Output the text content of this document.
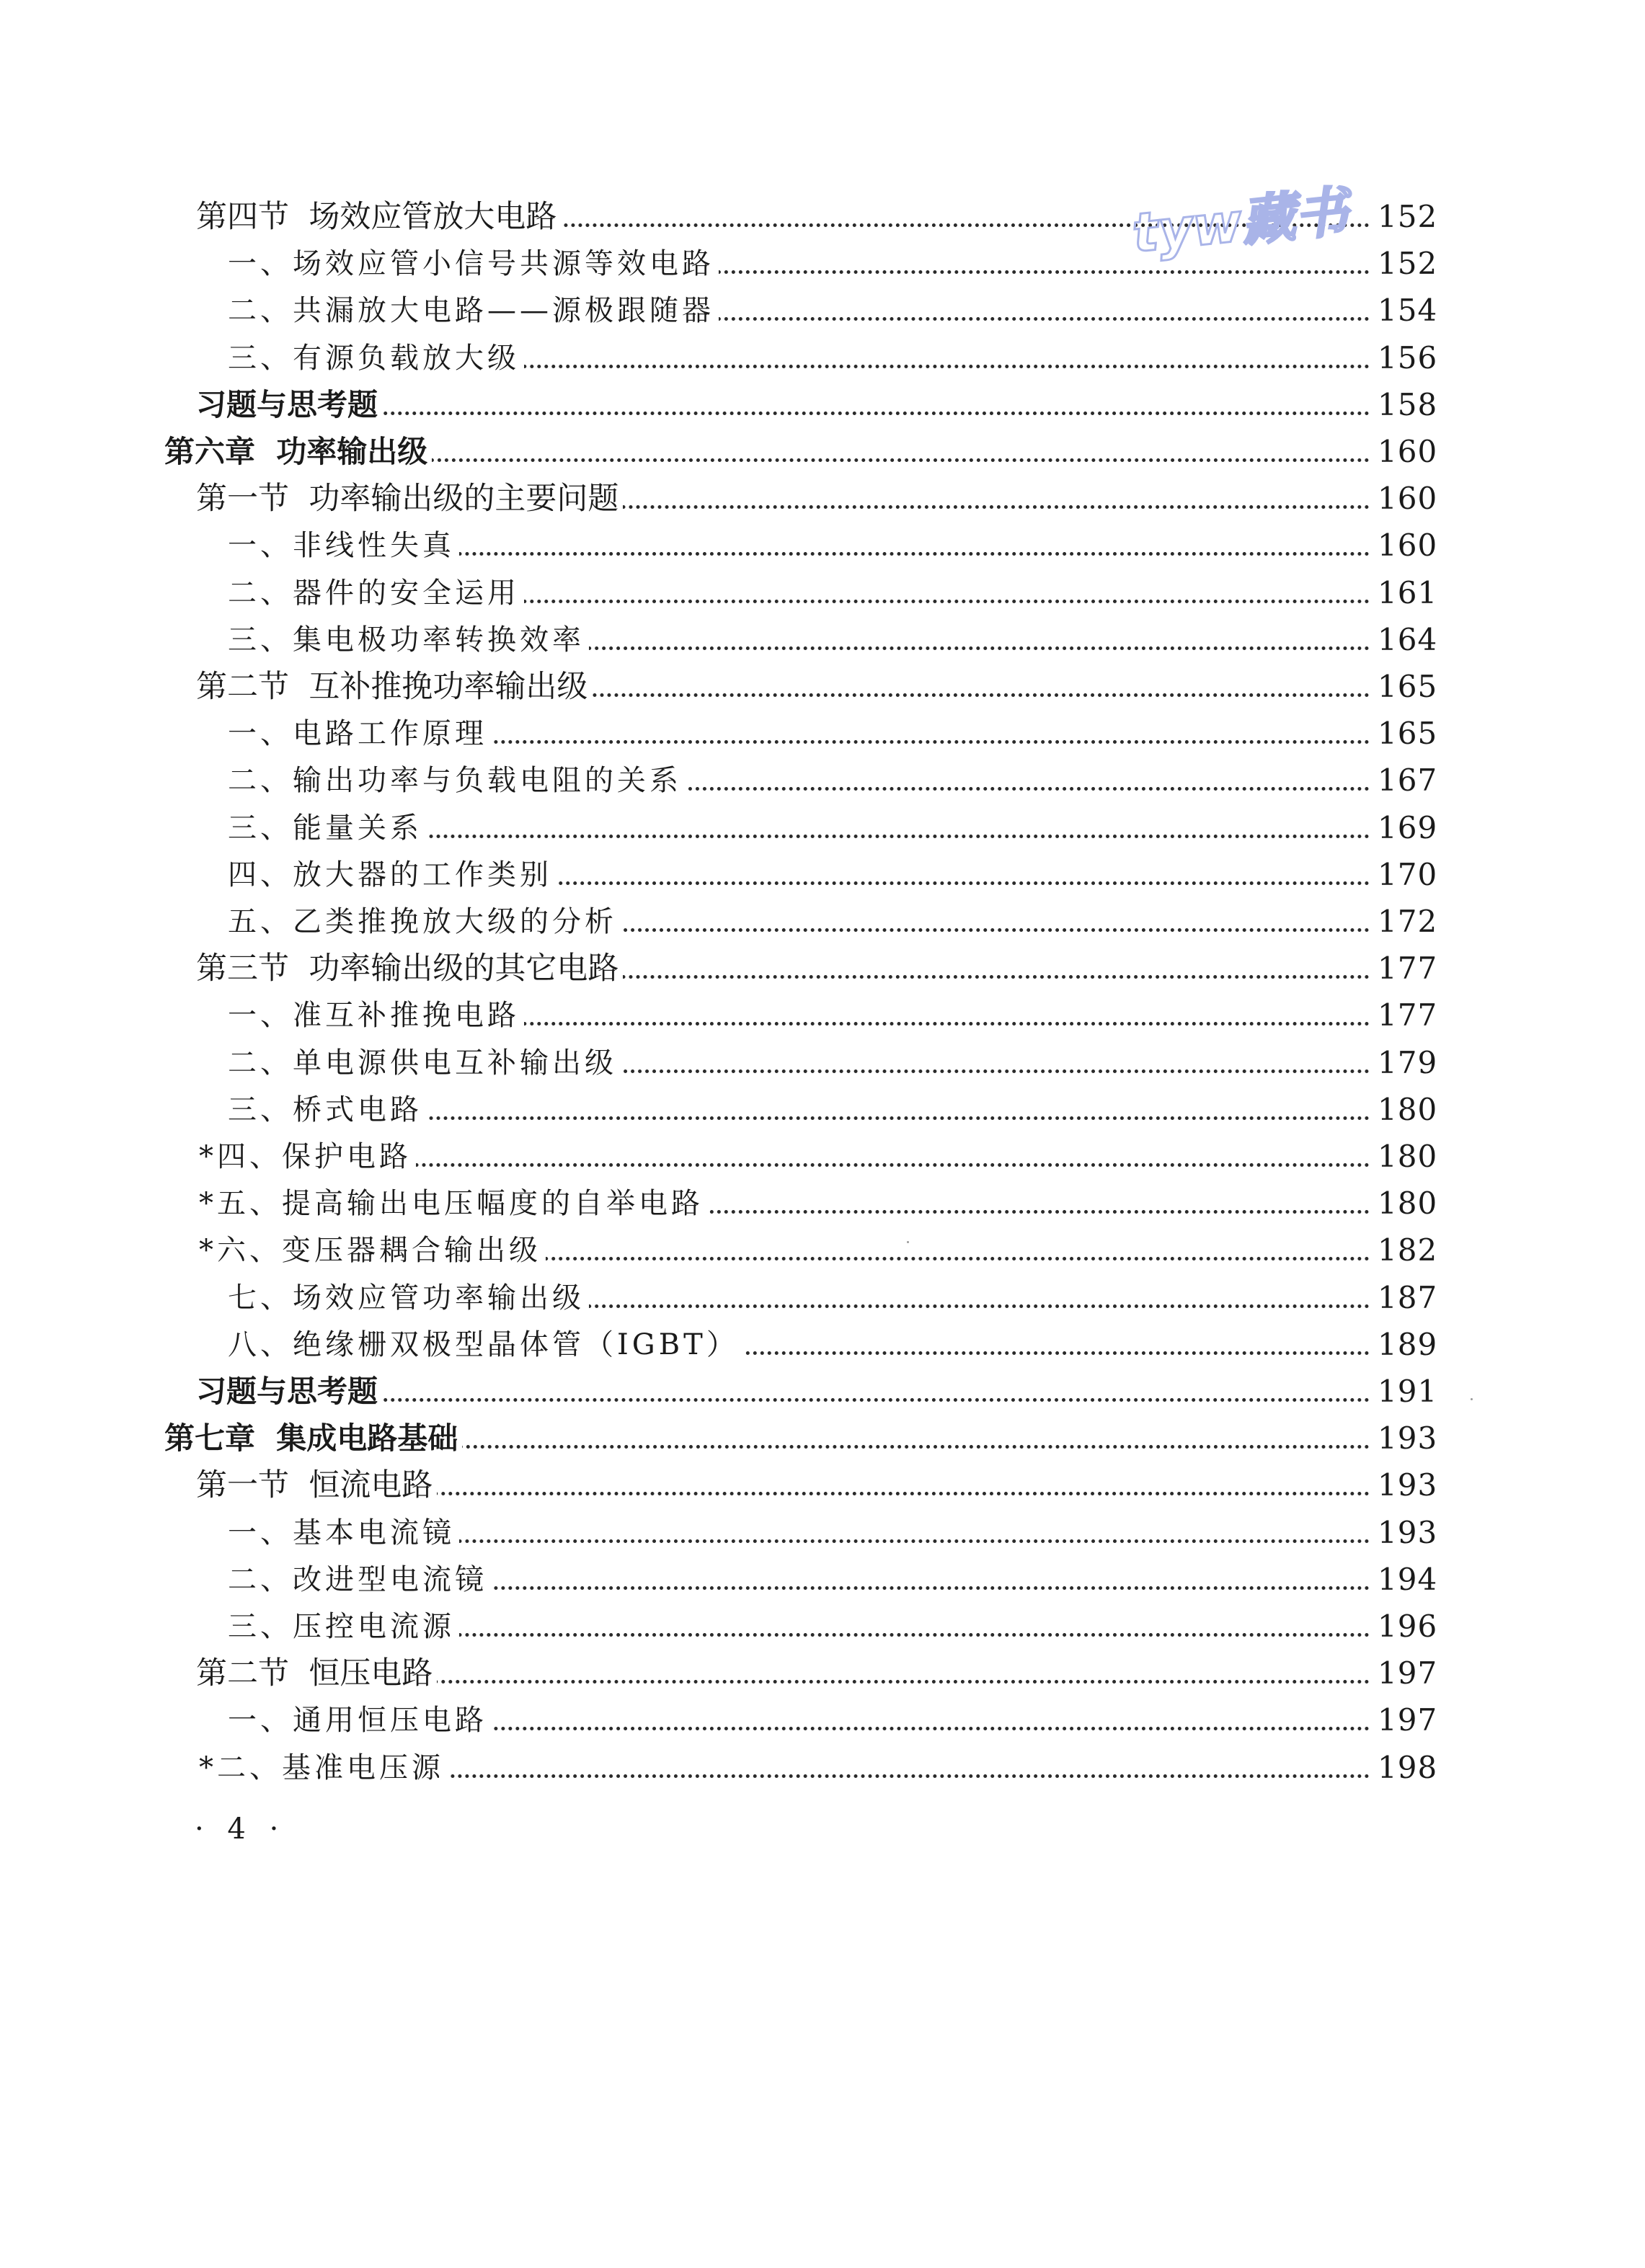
第四节  场效应管放大电路	152
一、场效应管小信号共源等效电路	152
二、共漏放大电路——源极跟随器	154
三、有源负载放大级	156
习题与思考题	158
第六章  功率输出级	160
第一节  功率输出级的主要问题	160
一、非线性失真	160
二、器件的安全运用	161
三、集电极功率转换效率	164
第二节  互补推挽功率输出级	165
一、电路工作原理	165
二、输出功率与负载电阻的关系	167
三、能量关系	169
四、放大器的工作类别	170
五、乙类推挽放大级的分析	172
第三节  功率输出级的其它电路	177
一、准互补推挽电路	177
二、单电源供电互补输出级	179
三、桥式电路	180
*四、保护电路	180
*五、提高输出电压幅度的自举电路	180
*六、变压器耦合输出级	182
七、场效应管功率输出级	187
八、绝缘栅双极型晶体管（IGBT）	189
习题与思考题	191
第七章  集成电路基础	193
第一节  恒流电路	193
一、基本电流镜	193
二、改进型电流镜	194
三、压控电流源	196
第二节  恒压电路	197
一、通用恒压电路	197
*二、基准电压源	198
· 4 ·
tyw藏书
